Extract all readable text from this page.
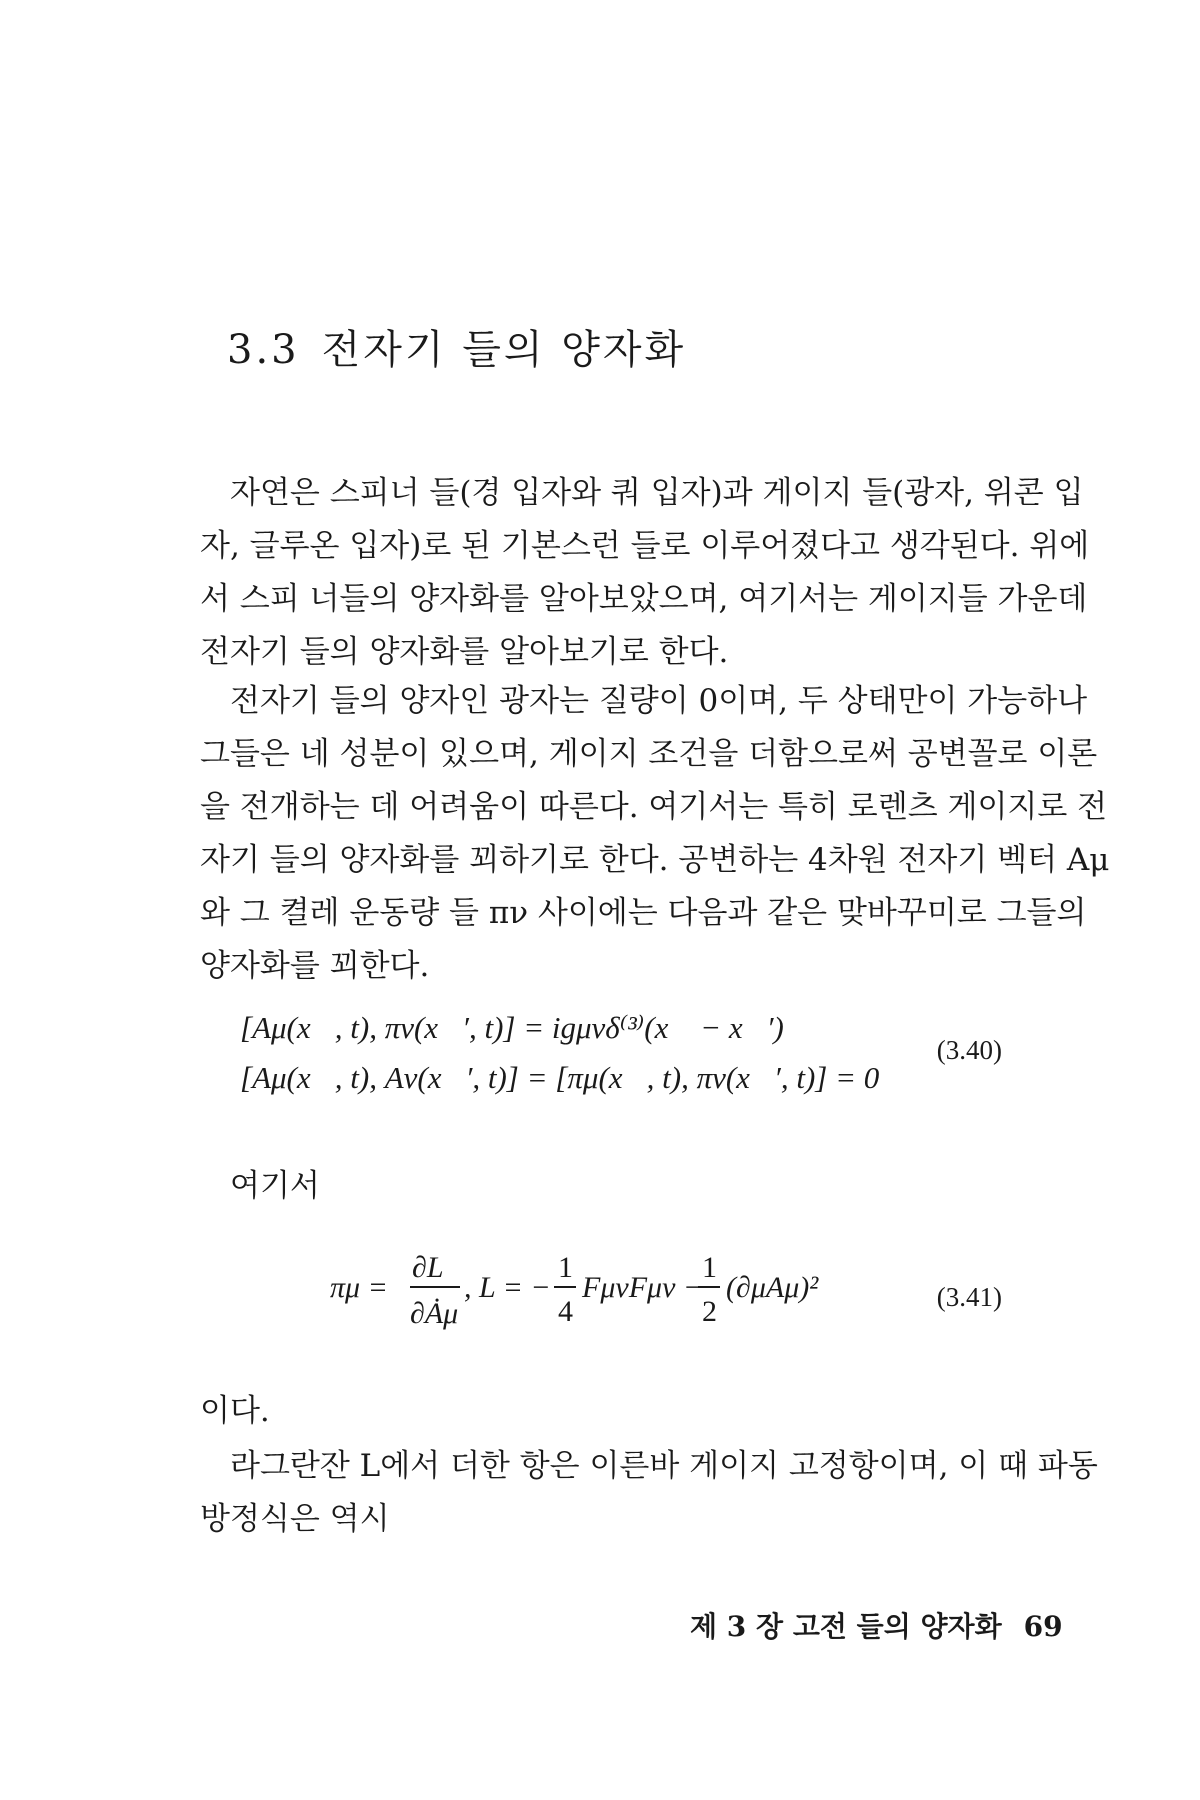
3.3 전자기 들의 양자화
자연은 스피너 들(경 입자와 쿼 입자)과 게이지 들(광자, 위콘 입
자, 글루온 입자)로 된 기본스런 들로 이루어졌다고 생각된다. 위에
서 스피 너들의 양자화를 알아보았으며, 여기서는 게이지들 가운데
전자기 들의 양자화를 알아보기로 한다.
전자기 들의 양자인 광자는 질량이 0이며, 두 상태만이 가능하나
그들은 네 성분이 있으며, 게이지 조건을 더함으로써 공변꼴로 이론
을 전개하는 데 어려움이 따른다. 여기서는 특히 로렌츠 게이지로 전
자기 들의 양자화를 꾀하기로 한다. 공변하는 4차원 전자기 벡터 Aμ
와 그 켤레 운동량 들 πν 사이에는 다음과 같은 맞바꾸미로 그들의
양자화를 꾀한다.
[Aμ(x⃗, t), πν(x⃗′, t)] = igμνδ⁽³⁾(x⃗ − x⃗′)
[Aμ(x⃗, t), Aν(x⃗′, t)] = [πμ(x⃗, t), πν(x⃗′, t)] = 0
(3.40)
여기서
πμ =
∂L
∂Ȧμ
, L = −
1
4
FμνFμν −
1
2
(∂μAμ)²	(3.41)
이다.
라그란잔 L에서 더한 항은 이른바 게이지 고정항이며, 이 때 파동
방정식은 역시
제 3 장 고전 들의 양자화 69
